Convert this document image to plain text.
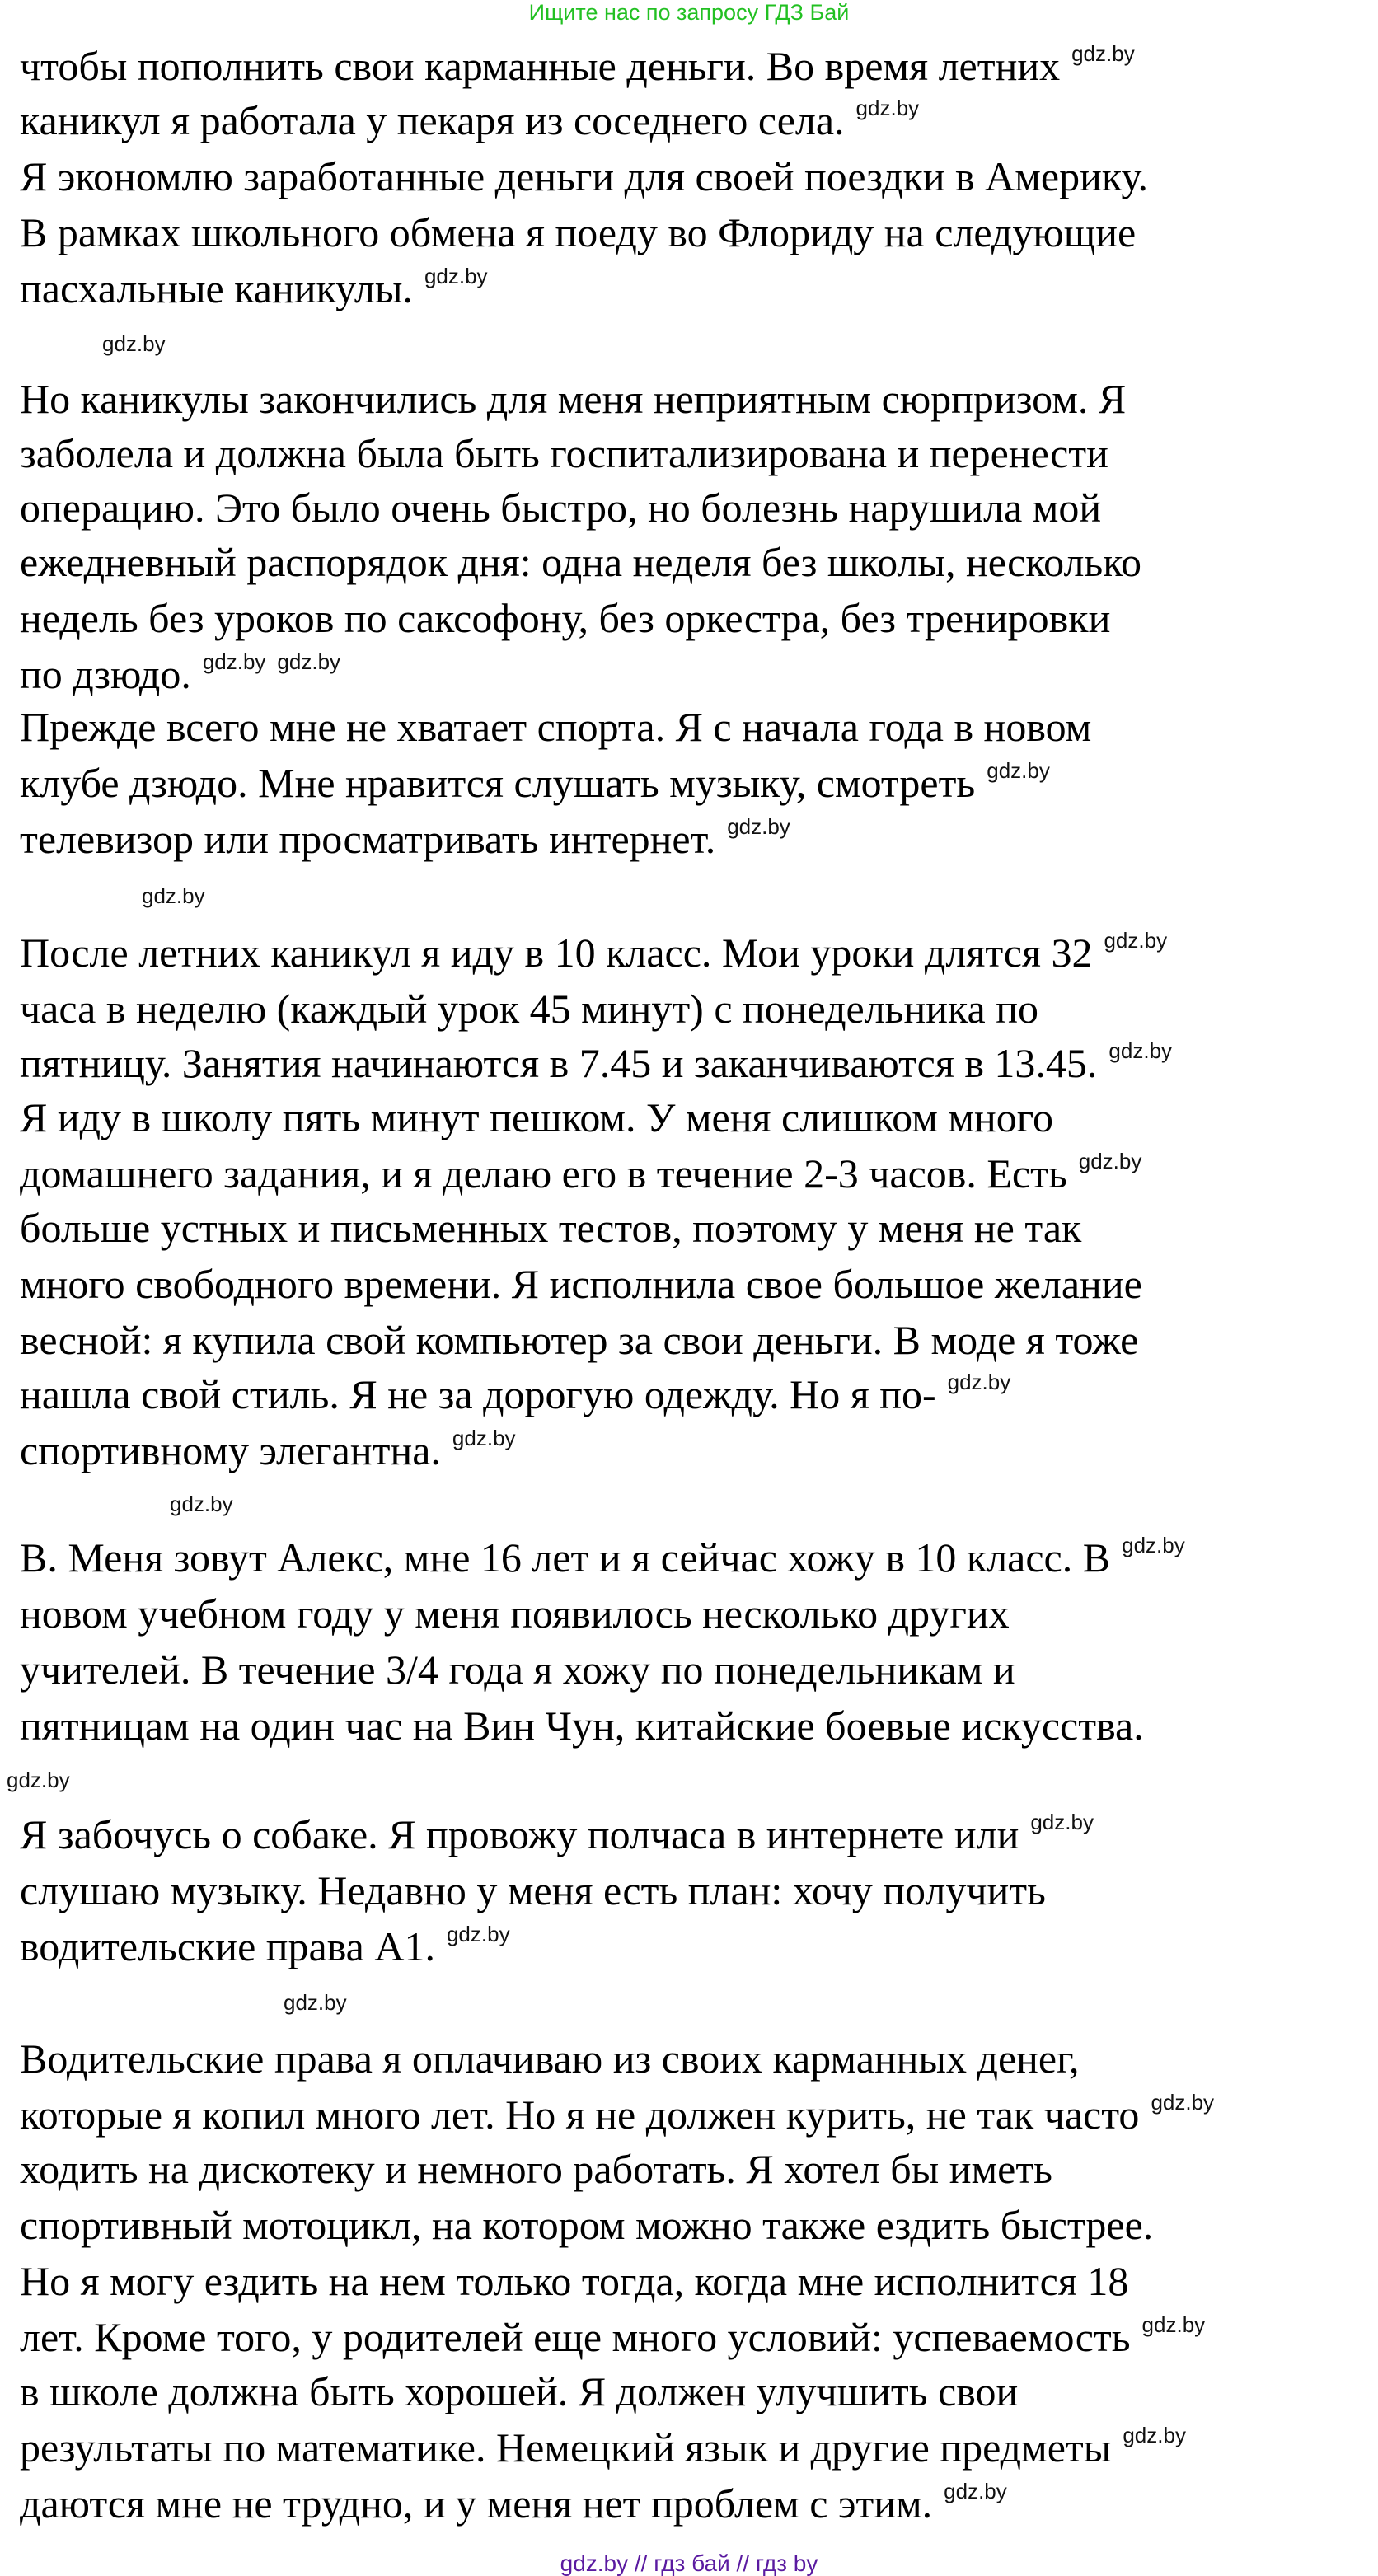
Ищите нас по запросу ГДЗ Бай
чтобы пополнить свои карманные деньги. Во время летних gdz.by
каникул я работала у пекаря из соседнего села. gdz.by
Я экономлю заработанные деньги для своей поездки в Америку.
В рамках школьного обмена я поеду во Флориду на следующие
пасхальные каникулы. gdz.by
Но каникулы закончились для меня неприятным сюрпризом. Я
заболела и должна была быть госпитализирована и перенести
операцию. Это было очень быстро, но болезнь нарушила мой
ежедневный распорядок дня: одна неделя без школы, несколько
недель без уроков по саксофону, без оркестра, без тренировки
по дзюдо. gdz.by gdz.by
Прежде всего мне не хватает спорта. Я с начала года в новом
клубе дзюдо. Мне нравится слушать музыку, смотреть gdz.by
телевизор или просматривать интернет. gdz.by
После летних каникул я иду в 10 класс. Мои уроки длятся 32 gdz.by
часа в неделю (каждый урок 45 минут) с понедельника по
пятницу. Занятия начинаются в 7.45 и заканчиваются в 13.45. gdz.by
Я иду в школу пять минут пешком. У меня слишком много
домашнего задания, и я делаю его в течение 2-3 часов. Есть gdz.by
больше устных и письменных тестов, поэтому у меня не так
много свободного времени. Я исполнила свое большое желание
весной: я купила свой компьютер за свои деньги. В моде я тоже
нашла свой стиль. Я не за дорогую одежду. Но я по- gdz.by
спортивному элегантна. gdz.by
В. Меня зовут Алекс, мне 16 лет и я сейчас хожу в 10 класс. В gdz.by
новом учебном году у меня появилось несколько других
учителей. В течение 3/4 года я хожу по понедельникам и
пятницам на один час на Вин Чун, китайские боевые искусства.
Я забочусь о собаке. Я провожу полчаса в интернете или gdz.by
слушаю музыку. Недавно у меня есть план: хочу получить
водительские права А1. gdz.by
Водительские права я оплачиваю из своих карманных денег,
которые я копил много лет. Но я не должен курить, не так часто gdz.by
ходить на дискотеку и немного работать. Я хотел бы иметь
спортивный мотоцикл, на котором можно также ездить быстрее.
Но я могу ездить на нем только тогда, когда мне исполнится 18
лет. Кроме того, у родителей еще много условий: успеваемость gdz.by
в школе должна быть хорошей. Я должен улучшить свои
результаты по математике. Немецкий язык и другие предметы gdz.by
даются мне не трудно, и у меня нет проблем с этим. gdz.by
gdz.by
gdz.by
gdz.by
gdz.by
gdz.by
gdz.by // гдз бай // гдз by
